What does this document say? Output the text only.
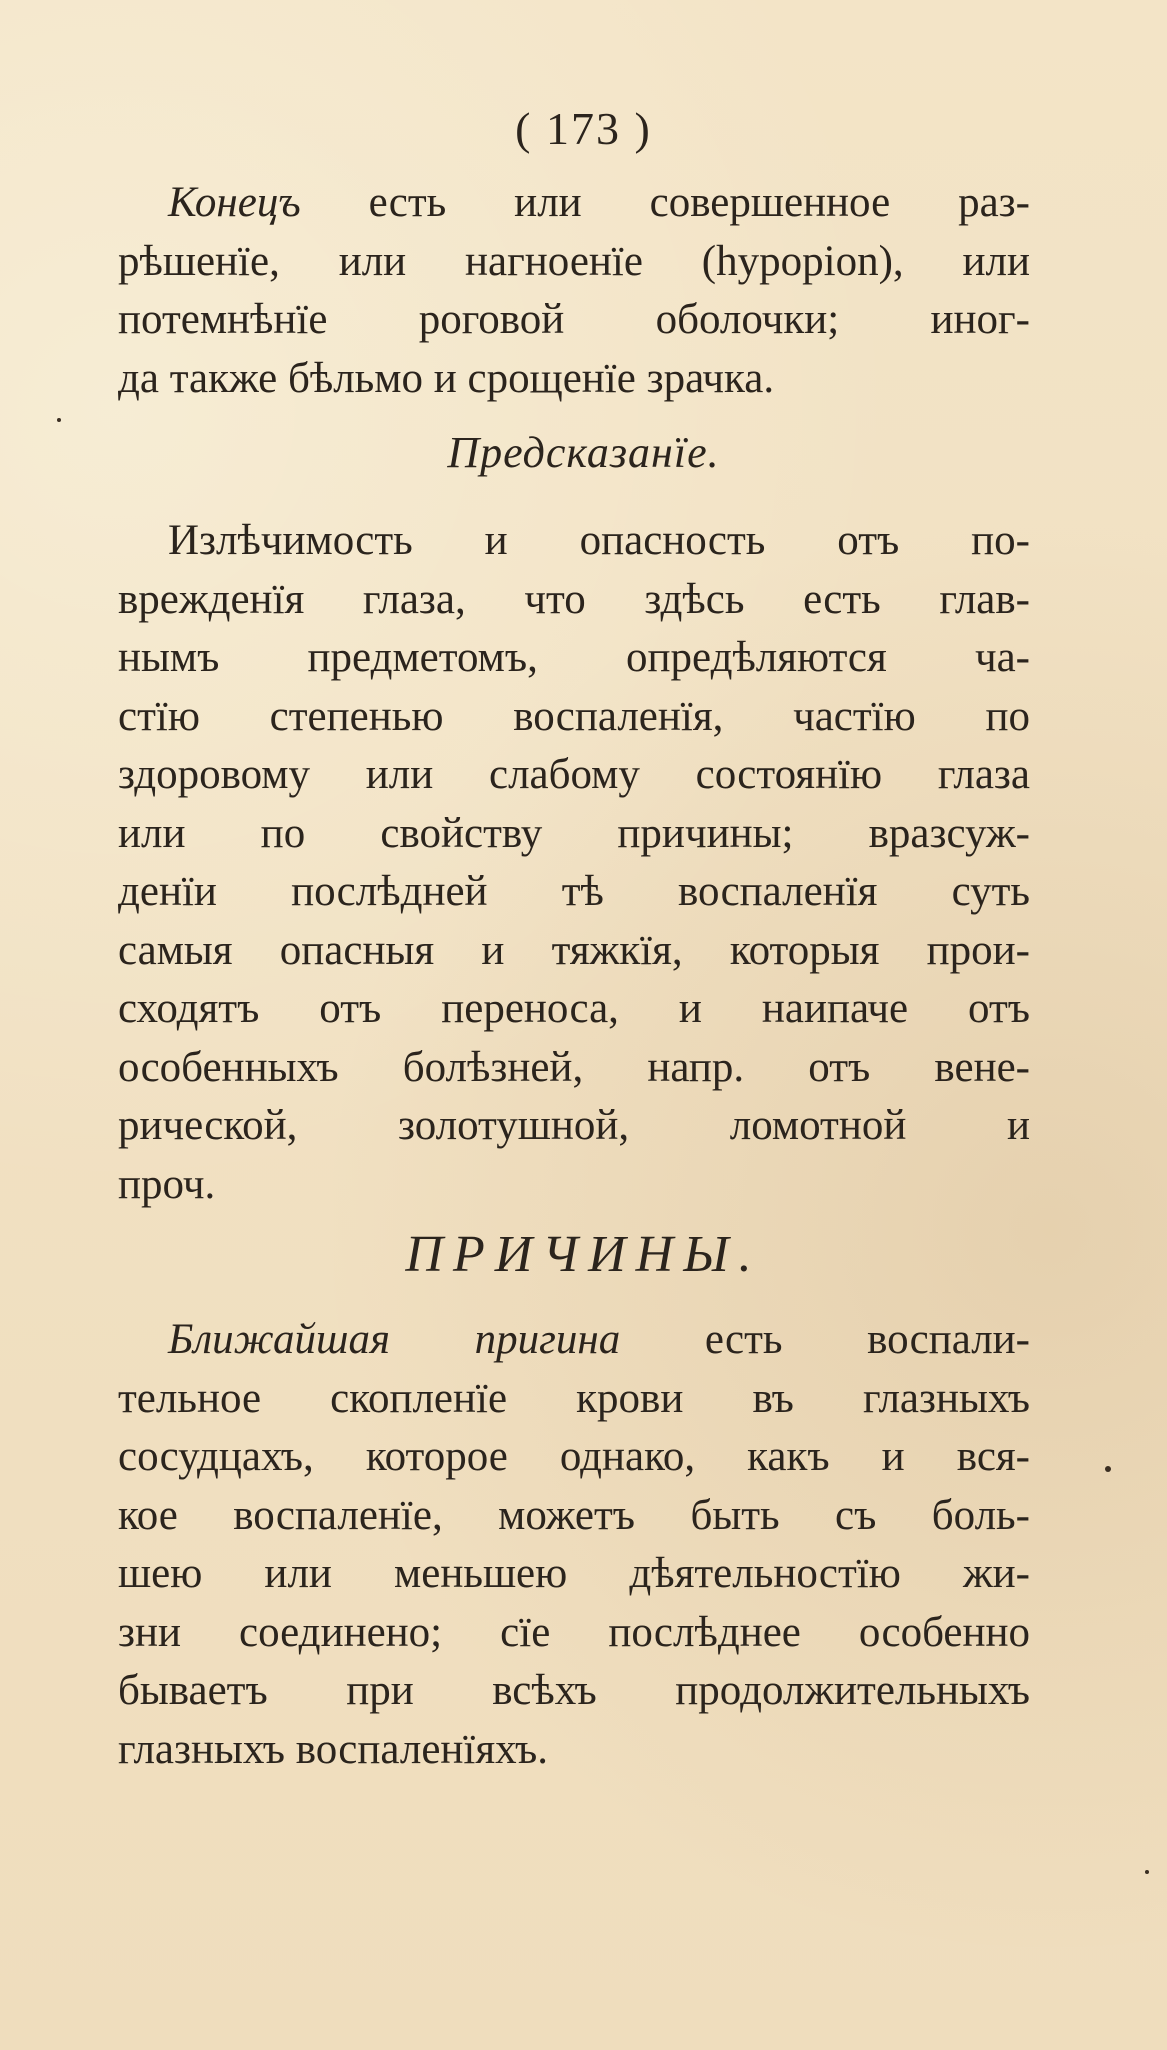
( 173 )
Конецъ есть или совершенное раз-
рѣшенïе, или нагноенïе (hypopion), или
потемнѣнïе роговой оболочки; иног-
да также бѣльмо и срощенïе зрачка.
Предсказанïе.
Излѣчимость и опасность отъ по-
врежденïя глаза, что здѣсь есть глав-
нымъ предметомъ, опредѣляются ча-
стïю степенью воспаленïя, частïю по
здоровому или слабому состоянïю глаза
или по свойству причины; вразсуж-
денïи послѣдней тѣ воспаленïя суть
самыя опасныя и тяжкïя, которыя прои-
сходятъ отъ переноса, и наипаче отъ
особенныхъ болѣзней, напр. отъ вене-
рической, золотушной, ломотной и
проч.
ПРИЧИНЫ.
Ближайшая пригина есть воспали-
тельное скопленïе крови въ глазныхъ
сосудцахъ, которое однако, какъ и вся-
кое воспаленïе, можетъ быть съ боль-
шею или меньшею дѣятельностïю жи-
зни соединено; сïе послѣднее особенно
бываетъ при всѣхъ продолжительныхъ
глазныхъ воспаленïяхъ.
